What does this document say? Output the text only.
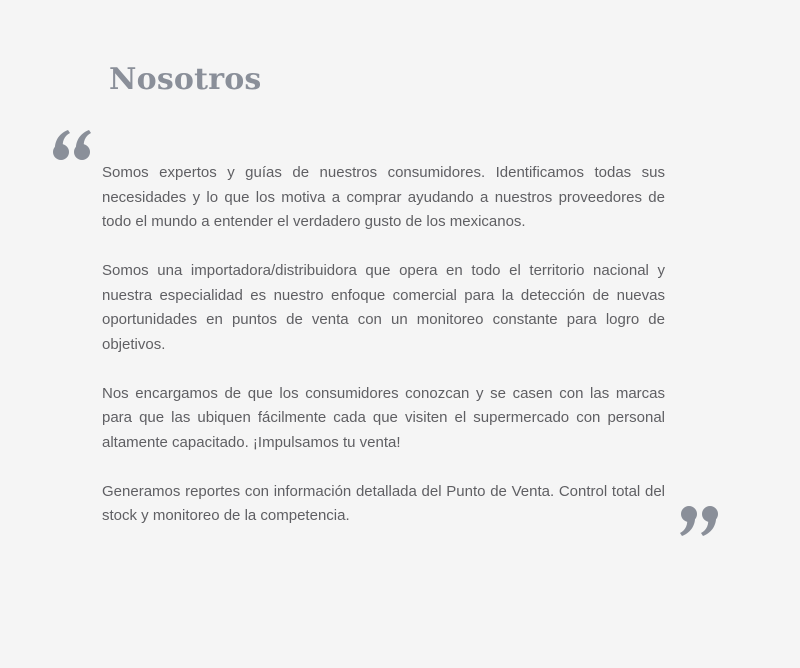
Nosotros

Somos expertos y guías de nuestros consumidores. Identificamos todas sus necesidades y lo que los motiva a comprar ayudando a nuestros proveedores de todo el mundo a entender el verdadero gusto de los mexicanos.

Somos una importadora/distribuidora que opera en todo el territorio nacional y nuestra especialidad es nuestro enfoque comercial para la detección de nuevas oportunidades en puntos de venta con un monitoreo constante para logro de objetivos.

Nos encargamos de que los consumidores conozcan y se casen con las marcas para que las ubiquen fácilmente cada que visiten el supermercado con personal altamente capacitado. ¡Impulsamos tu venta!

Generamos reportes con información detallada del Punto de Venta. Control total del stock y monitoreo de la competencia.
